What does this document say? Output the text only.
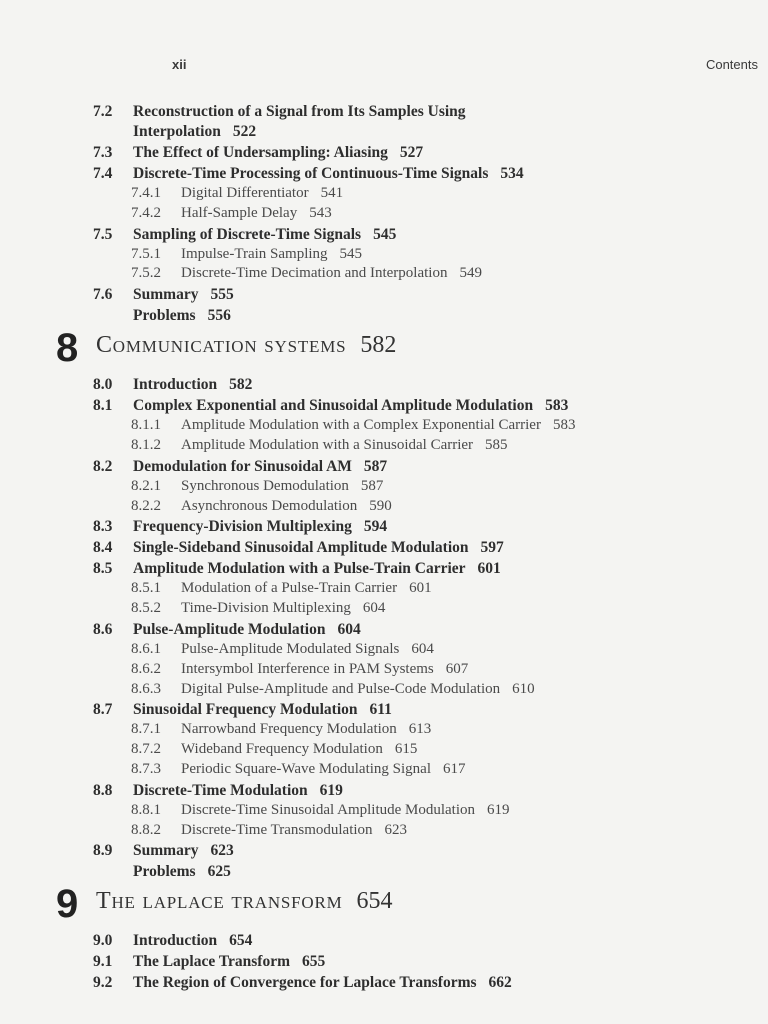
xii	Contents
7.2	Reconstruction of a Signal from Its Samples Using
Interpolation 522
7.3	The Effect of Undersampling: Aliasing 527
7.4	Discrete-Time Processing of Continuous-Time Signals 534
7.4.1	Digital Differentiator 541
7.4.2	Half-Sample Delay 543
7.5	Sampling of Discrete-Time Signals 545
7.5.1	Impulse-Train Sampling 545
7.5.2	Discrete-Time Decimation and Interpolation 549
7.6	Summary 555
Problems 556
8 Communication systems 582
8.0	Introduction 582
8.1	Complex Exponential and Sinusoidal Amplitude Modulation 583
8.1.1	Amplitude Modulation with a Complex Exponential Carrier 583
8.1.2	Amplitude Modulation with a Sinusoidal Carrier 585
8.2	Demodulation for Sinusoidal AM 587
8.2.1	Synchronous Demodulation 587
8.2.2	Asynchronous Demodulation 590
8.3	Frequency-Division Multiplexing 594
8.4	Single-Sideband Sinusoidal Amplitude Modulation 597
8.5	Amplitude Modulation with a Pulse-Train Carrier 601
8.5.1	Modulation of a Pulse-Train Carrier 601
8.5.2	Time-Division Multiplexing 604
8.6	Pulse-Amplitude Modulation 604
8.6.1	Pulse-Amplitude Modulated Signals 604
8.6.2	Intersymbol Interference in PAM Systems 607
8.6.3	Digital Pulse-Amplitude and Pulse-Code Modulation 610
8.7	Sinusoidal Frequency Modulation 611
8.7.1	Narrowband Frequency Modulation 613
8.7.2	Wideband Frequency Modulation 615
8.7.3	Periodic Square-Wave Modulating Signal 617
8.8	Discrete-Time Modulation 619
8.8.1	Discrete-Time Sinusoidal Amplitude Modulation 619
8.8.2	Discrete-Time Transmodulation 623
8.9	Summary 623
Problems 625
9 The laplace transform 654
9.0	Introduction 654
9.1	The Laplace Transform 655
9.2	The Region of Convergence for Laplace Transforms 662
